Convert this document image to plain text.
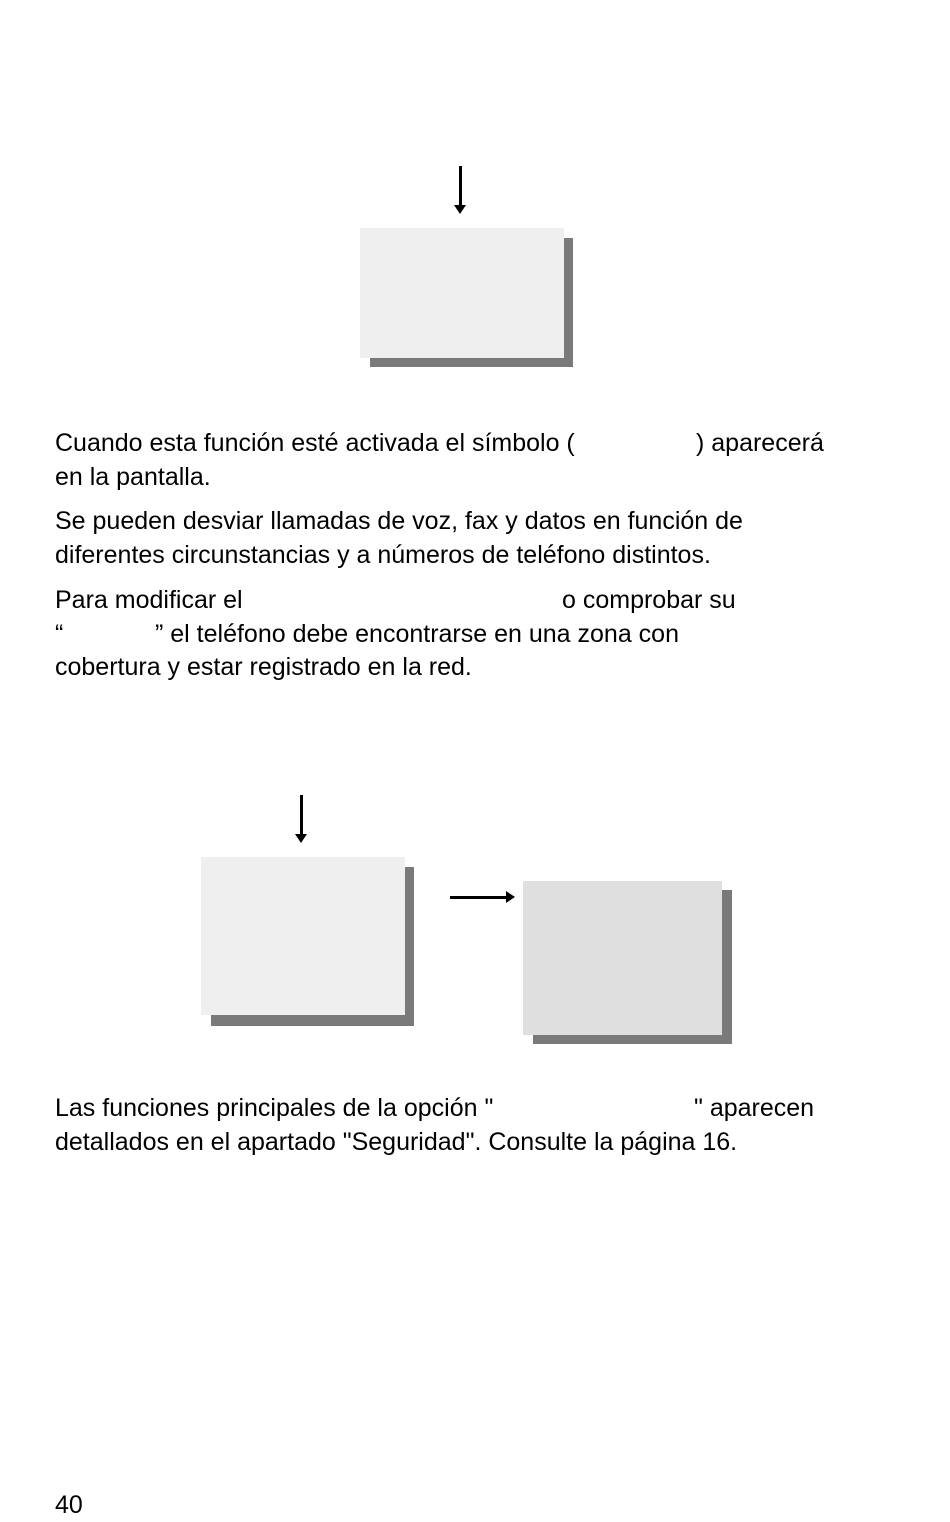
Cuando esta función esté activada el símbolo (	) aparecerá
en la pantalla.
Se pueden desviar llamadas de voz, fax y datos en función de
diferentes circunstancias y a números de teléfono distintos.
Para modificar el	o comprobar su
“	” el teléfono debe encontrarse en una zona con
cobertura y estar registrado en la red.
Las funciones principales de la opción "	" aparecen
detallados en el apartado "Seguridad". Consulte la página 16.
40
